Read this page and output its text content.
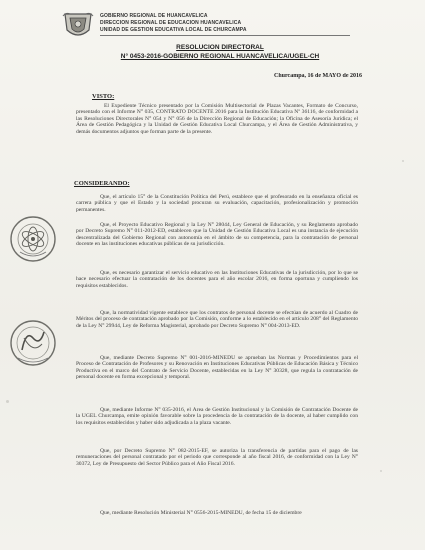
GOBIERNO REGIONAL DE HUANCAVELICA
DIRECCION REGIONAL DE EDUCACION HUANCAVELICA
UNIDAD DE GESTION EDUCATIVA LOCAL DE CHURCAMPA
RESOLUCION DIRECTORAL
N° 0453-2016-GOBIERNO REGIONAL HUANCAVELICA/UGEL-CH
Churcampa, 16 de MAYO de 2016
VISTO:
El Expediente Técnico presentado por la Comisión Multisectorial de Plazas Vacantes, Formato de Concurso, presentado con el Informe N° 035, CONTRATO DOCENTE 2016 para la Institución Educativa Nº 36116, de conformidad a las Resoluciones Directorales N° 054 y N° 056 de la Dirección Regional de Educación; la Oficina de Asesoría Jurídica; el Área de Gestión Pedagógica y la Unidad de Gestión Educativa Local Churcampa, y el Área de Gestión Administrativa, y demás documentos adjuntos que forman parte de la presente.
CONSIDERANDO:
Que, el artículo 15° de la Constitución Política del Perú, establece que el profesorado en la enseñanza oficial es carrera pública y que el Estado y la sociedad procuran su evaluación, capacitación, profesionalización y promoción permanentes.
Que, el Proyecto Educativo Regional y la Ley N° 28044, Ley General de Educación, y su Reglamento aprobado por Decreto Supremo N° 011-2012-ED, establecen que la Unidad de Gestión Educativa Local es una instancia de ejecución descentralizada del Gobierno Regional con autonomía en el ámbito de su competencia, para la contratación de personal docente en las instituciones educativas públicas de su jurisdicción.
Que, es necesario garantizar el servicio educativo en las Instituciones Educativas de la jurisdicción, por lo que se hace necesario efectuar la contratación de los docentes para el año escolar 2016, en forma oportuna y cumpliendo los requisitos establecidos.
Que, la normatividad vigente establece que los contratos de personal docente se efectúan de acuerdo al Cuadro de Méritos del proceso de contratación aprobado por la Comisión, conforme a lo establecido en el artículo 208° del Reglamento de la Ley N° 29944, Ley de Reforma Magisterial, aprobado por Decreto Supremo N° 004-2013-ED.
Que, mediante Decreto Supremo N° 001-2016-MINEDU se aprueban las Normas y Procedimientos para el Proceso de Contratación de Profesores y su Renovación en Instituciones Educativas Públicas de Educación Básica y Técnico Productiva en el marco del Contrato de Servicio Docente, establecidas en la Ley N° 30328, que regula la contratación de personal docente en forma excepcional y temporal.
Que, mediante Informe N° 035-2016, el Área de Gestión Institucional y la Comisión de Contratación Docente de la UGEL Churcampa, emite opinión favorable sobre la procedencia de la contratación de la docente, al haber cumplido con los requisitos establecidos y haber sido adjudicada a la plaza vacante.
Que, por Decreto Supremo N° 082-2015-EF, se autoriza la transferencia de partidas para el pago de las remuneraciones del personal contratado por el periodo que corresponde al año fiscal 2016, de conformidad con la Ley N° 30372, Ley de Presupuesto del Sector Público para el Año Fiscal 2016.
Que, mediante Resolución Ministerial N° 0556-2015-MINEDU, de fecha 15 de diciembre
